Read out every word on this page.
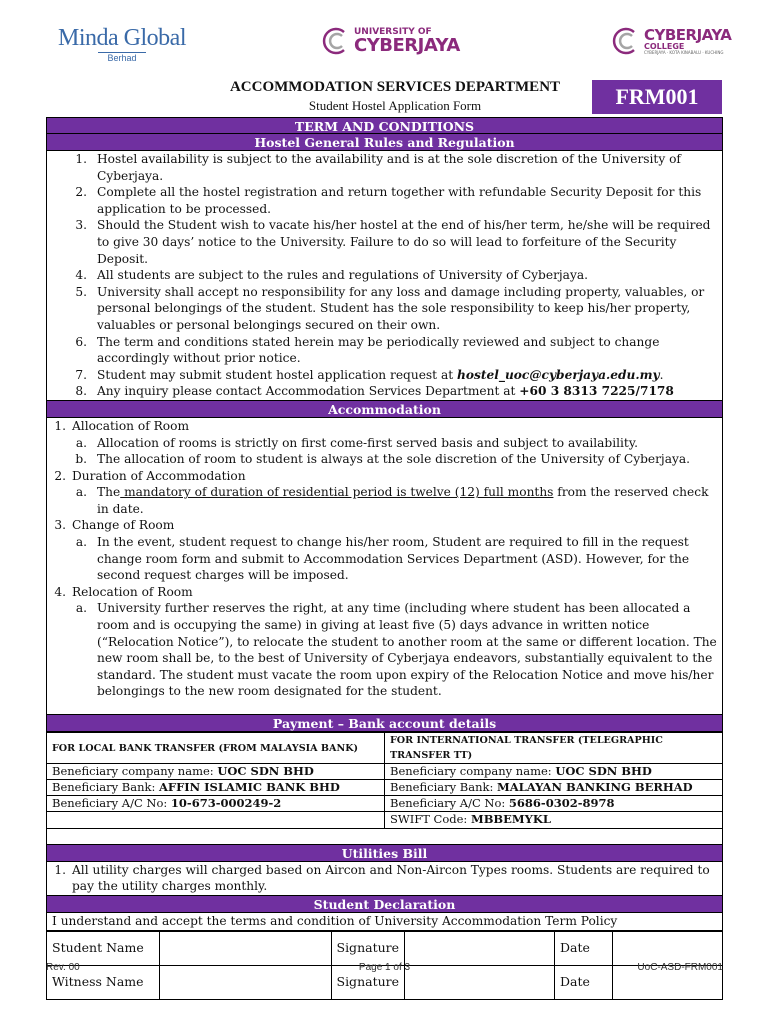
Minda Global
Berhad
UNIVERSITY OF
CYBERJAYA	CYBERJAYA
COLLEGE
CYBERJAYA · KOTA KINABALU · KUCHING
ACCOMMODATION SERVICES DEPARTMENT
Student Hostel Application Form	FRM001
TERM AND CONDITIONS
Hostel General Rules and Regulation
1. Hostel availability is subject to the availability and is at the sole discretion of the University of Cyberjaya.
2. Complete all the hostel registration and return together with refundable Security Deposit for this application to be processed.
3. Should the Student wish to vacate his/her hostel at the end of his/her term, he/she will be required to give 30 days’ notice to the University. Failure to do so will lead to forfeiture of the Security Deposit.
4. All students are subject to the rules and regulations of University of Cyberjaya.
5. University shall accept no responsibility for any loss and damage including property, valuables, or personal belongings of the student. Student has the sole responsibility to keep his/her property, valuables or personal belongings secured on their own.
6. The term and conditions stated herein may be periodically reviewed and subject to change accordingly without prior notice.
7. Student may submit student hostel application request at hostel_uoc@cyberjaya.edu.my.
8. Any inquiry please contact Accommodation Services Department at +60 3 8313 7225/7178
Accommodation
1. Allocation of Room
a. Allocation of rooms is strictly on first come-first served basis and subject to availability.
b. The allocation of room to student is always at the sole discretion of the University of Cyberjaya.
2. Duration of Accommodation
a. The mandatory of duration of residential period is twelve (12) full months from the reserved check in date.
3. Change of Room
a. In the event, student request to change his/her room, Student are required to fill in the request change room form and submit to Accommodation Services Department (ASD). However, for the second request charges will be imposed.
4. Relocation of Room
a. University further reserves the right, at any time (including where student has been allocated a room and is occupying the same) in giving at least five (5) days advance in written notice (“Relocation Notice”), to relocate the student to another room at the same or different location. The new room shall be, to the best of University of Cyberjaya endeavors, substantially equivalent to the standard. The student must vacate the room upon expiry of the Relocation Notice and move his/her belongings to the new room designated for the student.
Payment – Bank account details
FOR LOCAL BANK TRANSFER (FROM MALAYSIA BANK)	FOR INTERNATIONAL TRANSFER (TELEGRAPHIC TRANSFER TT)
Beneficiary company name: UOC SDN BHD	Beneficiary company name: UOC SDN BHD
Beneficiary Bank: AFFIN ISLAMIC BANK BHD	Beneficiary Bank: MALAYAN BANKING BERHAD
Beneficiary A/C No: 10-673-000249-2	Beneficiary A/C No: 5686-0302-8978
	SWIFT Code: MBBEMYKL
Utilities Bill
1. All utility charges will charged based on Aircon and Non-Aircon Types rooms. Students are required to pay the utility charges monthly.
Student Declaration
I understand and accept the terms and condition of University Accommodation Term Policy
Student Name		Signature		Date	
Witness Name		Signature		Date	
Rev. 00	Page 1 of 3	UoC-ASD-FRM001
